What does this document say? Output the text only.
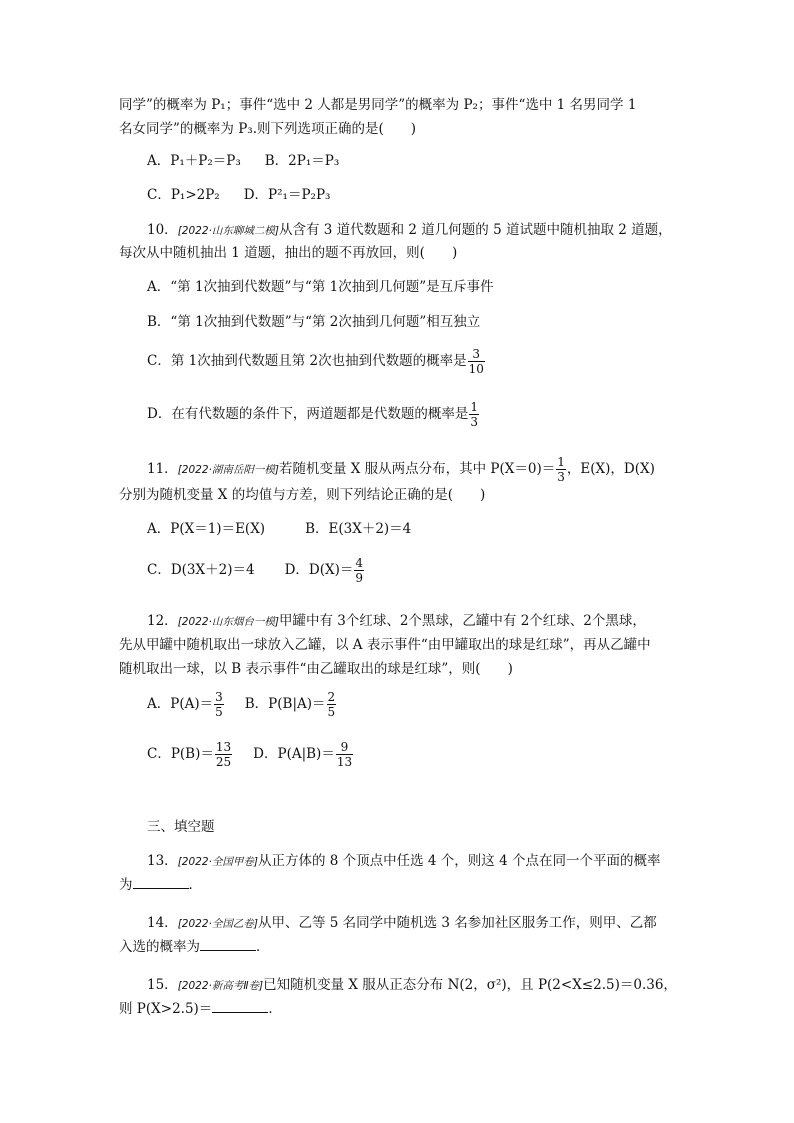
同学”的概率为 P₁；事件“选中 2 人都是男同学”的概率为 P₂；事件“选中 1 名男同学 1
名女同学”的概率为 P₃.则下列选项正确的是(　　)
A．P₁＋P₂＝P₃ B．2P₁＝P₃
C．P₁>2P₂ D．P²₁＝P₂P₃
10．[2022·山东聊城二模]从含有 3 道代数题和 2 道几何题的 5 道试题中随机抽取 2 道题，
每次从中随机抽出 1 道题，抽出的题不再放回，则(　　)
A．“第 1次抽到代数题”与“第 1次抽到几何题”是互斥事件
B．“第 1次抽到代数题”与“第 2次抽到几何题”相互独立
C．第 1次抽到代数题且第 2次也抽到代数题的概率是 $\frac{3}{10}$
D．在有代数题的条件下，两道题都是代数题的概率是 $\frac{1}{3}$
11．[2022·湖南岳阳一模]若随机变量 X 服从两点分布，其中 $P(X=0)= \frac{1}{3}$ ，E(X)，D(X)
分别为随机变量 X 的均值与方差，则下列结论正确的是(　　)
A．P(X＝1)＝E(X)	B．E(3X＋2)＝4
C．D(3X＋2)＝4 D．$D(X)= \frac{4}{9}$
12．[2022·山东烟台一模]甲罐中有 3个红球、2个黑球，乙罐中有 2个红球、2个黑球，
先从甲罐中随机取出一球放入乙罐，以 A 表示事件“由甲罐取出的球是红球”，再从乙罐中
随机取出一球，以 B 表示事件“由乙罐取出的球是红球”，则(　　)
A．$P(A)= \frac{3}{5}$ B．$P(B|A)= \frac{2}{5}$
C．$P(B)= \frac{13}{25}$ D．$P(A|B)= \frac{9}{13}$
三、填空题
13．[2022·全国甲卷]从正方体的 8 个顶点中任选 4 个，则这 4 个点在同一个平面的概率
为	．
14．[2022·全国乙卷]从甲、乙等 5 名同学中随机选 3 名参加社区服务工作，则甲、乙都
入选的概率为	．
15．[2022·新高考Ⅱ卷]已知随机变量 X 服从正态分布 N(2，σ²)，且 P(2<X≤2.5)＝0.36，
则 P(X>2.5)＝	．
